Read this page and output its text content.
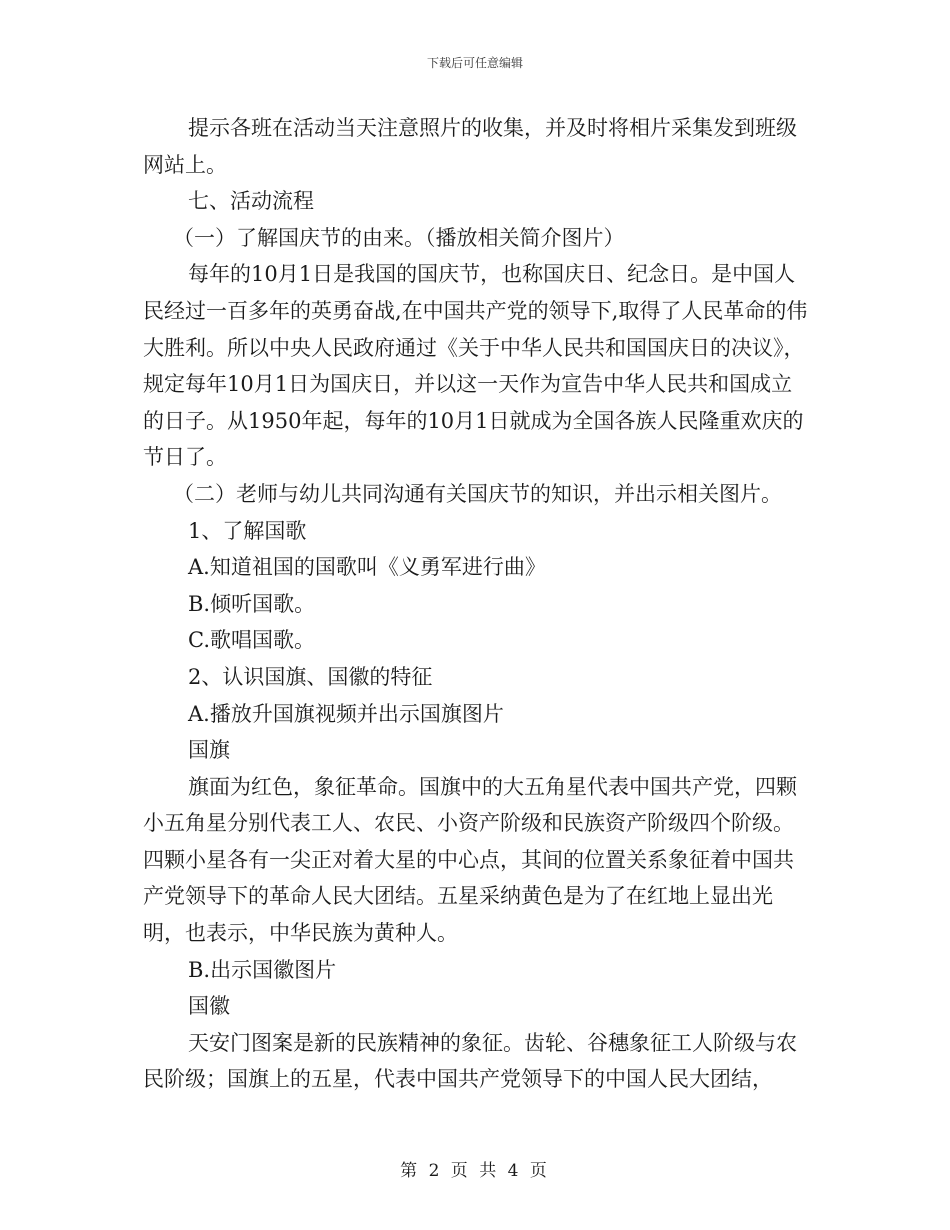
下载后可任意编辑

提示各班在活动当天注意照片的收集，并及时将相片采集发到班级网站上。

七、活动流程

（一）了解国庆节的由来。（播放相关简介图片）

每年的10月1日是我国的国庆节，也称国庆日、纪念日。是中国人民经过一百多年的英勇奋战,在中国共产党的领导下,取得了人民革命的伟大胜利。所以中央人民政府通过《关于中华人民共和国国庆日的决议》，规定每年10月1日为国庆日，并以这一天作为宣告中华人民共和国成立的日子。从1950年起，每年的10月1日就成为全国各族人民隆重欢庆的节日了。

（二）老师与幼儿共同沟通有关国庆节的知识，并出示相关图片。

1、了解国歌

A.知道祖国的国歌叫《义勇军进行曲》

B.倾听国歌。

C.歌唱国歌。

2、认识国旗、国徽的特征

A.播放升国旗视频并出示国旗图片

国旗

旗面为红色，象征革命。国旗中的大五角星代表中国共产党，四颗小五角星分别代表工人、农民、小资产阶级和民族资产阶级四个阶级。四颗小星各有一尖正对着大星的中心点，其间的位置关系象征着中国共产党领导下的革命人民大团结。五星采纳黄色是为了在红地上显出光明，也表示，中华民族为黄种人。

B.出示国徽图片

国徽

天安门图案是新的民族精神的象征。齿轮、谷穗象征工人阶级与农民阶级；国旗上的五星，代表中国共产党领导下的中国人民大团结，

第 2 页 共 4 页
